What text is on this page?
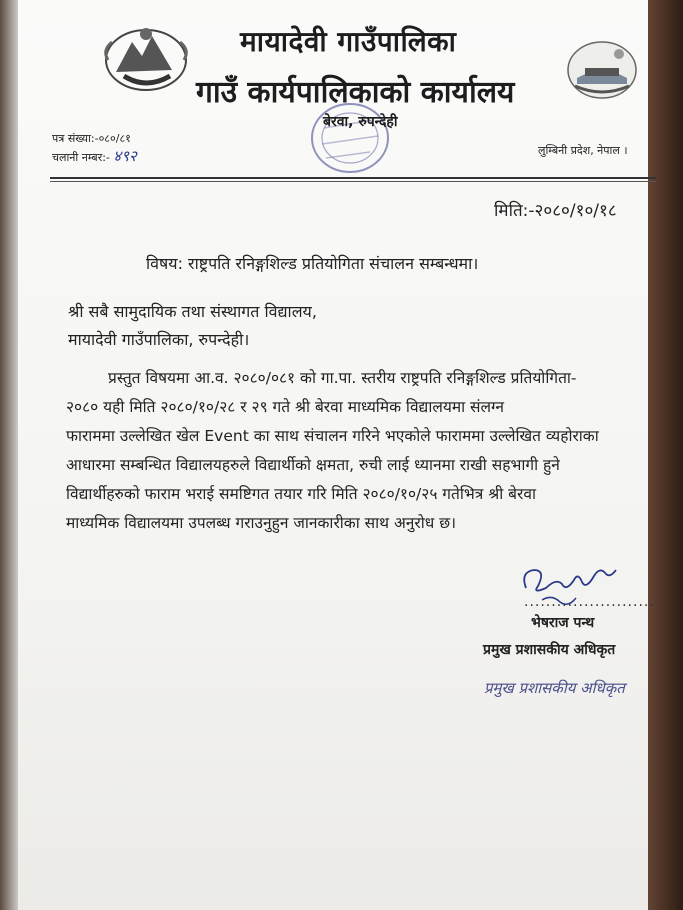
मायादेवी गाउँपालिका
गाउँ कार्यपालिकाको कार्यालय
बेरवा, रुपन्देही
पत्र संख्या:-०८०/८१
चलानी नम्बर:- ४९२	लुम्बिनी प्रदेश, नेपाल ।
मिति:-२०८०/१०/१८
विषय: राष्ट्रपति रनिङ्गशिल्ड प्रतियोगिता संचालन सम्बन्धमा।
श्री सबै सामुदायिक तथा संस्थागत विद्यालय,
मायादेवी गाउँपालिका, रुपन्देही।
प्रस्तुत विषयमा आ.व. २०८०/०८१ को गा.पा. स्तरीय राष्ट्रपति रनिङ्गशिल्ड प्रतियोगिता-
२०८० यही मिति २०८०/१०/२८ र २९ गते श्री बेरवा माध्यमिक विद्यालयमा संलग्न
फाराममा उल्लेखित खेल Event का साथ संचालन गरिने भएकोले फाराममा उल्लेखित व्यहोराका
आधारमा सम्बन्धित विद्यालयहरुले विद्यार्थीको क्षमता, रुची लाई ध्यानमा राखी सहभागी हुने
विद्यार्थीहरुको फाराम भराई समष्टिगत तयार गरि मिति २०८०/१०/२५ गतेभित्र श्री बेरवा
माध्यमिक विद्यालयमा उपलब्ध गराउनुहुन जानकारीका साथ अनुरोध छ।
........................
भेषराज पन्थ
प्रमुख प्रशासकीय अधिकृत
प्रमुख प्रशासकीय अधिकृत
